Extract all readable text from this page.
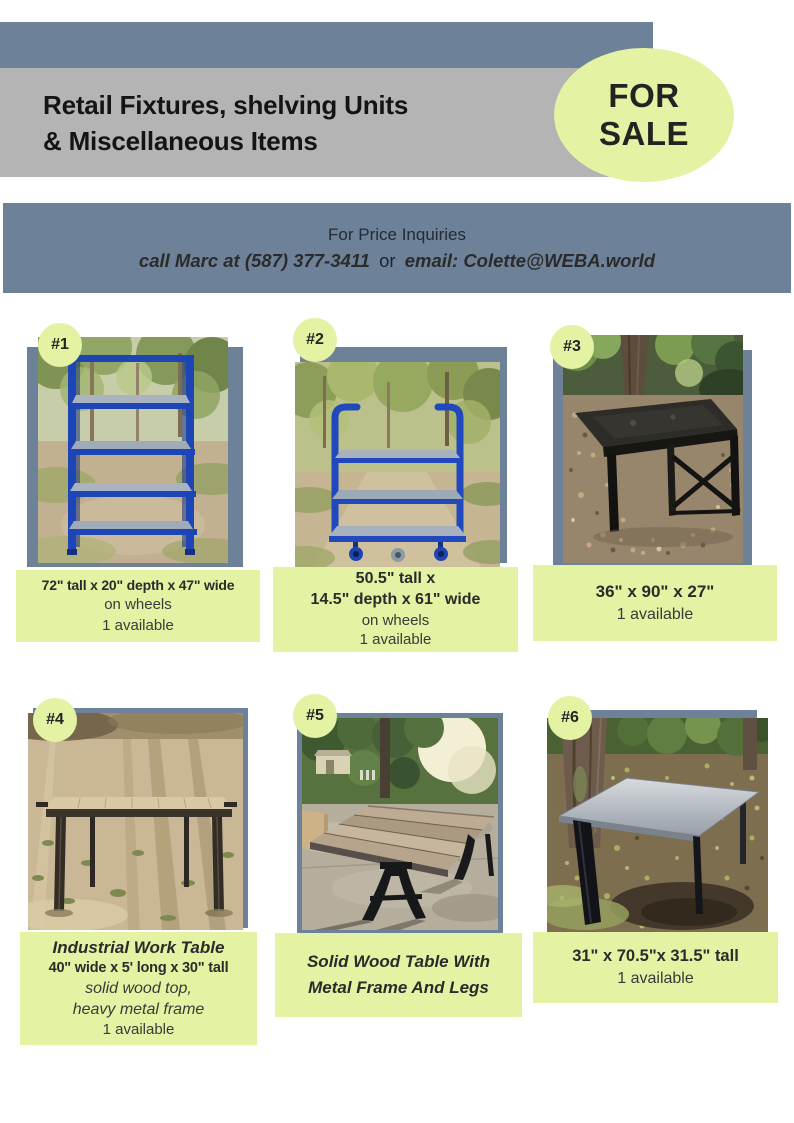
Retail Fixtures, shelving Units
& Miscellaneous Items
FOR
SALE
For Price Inquiries
call Marc at (587) 377-3411 or email: Colette@WEBA.world
#1
72" tall x 20" depth x 47" wide
on wheels
1 available
#2
50.5" tall x
14.5" depth x 61" wide
on wheels
1 available
#3
36" x 90" x 27"
1 available
#4
Industrial Work Table
40" wide x 5' long x 30" tall
solid wood top,
heavy metal frame
1 available
#5
Solid Wood Table With
Metal Frame And Legs
#6
31" x 70.5"x 31.5" tall
1 available
